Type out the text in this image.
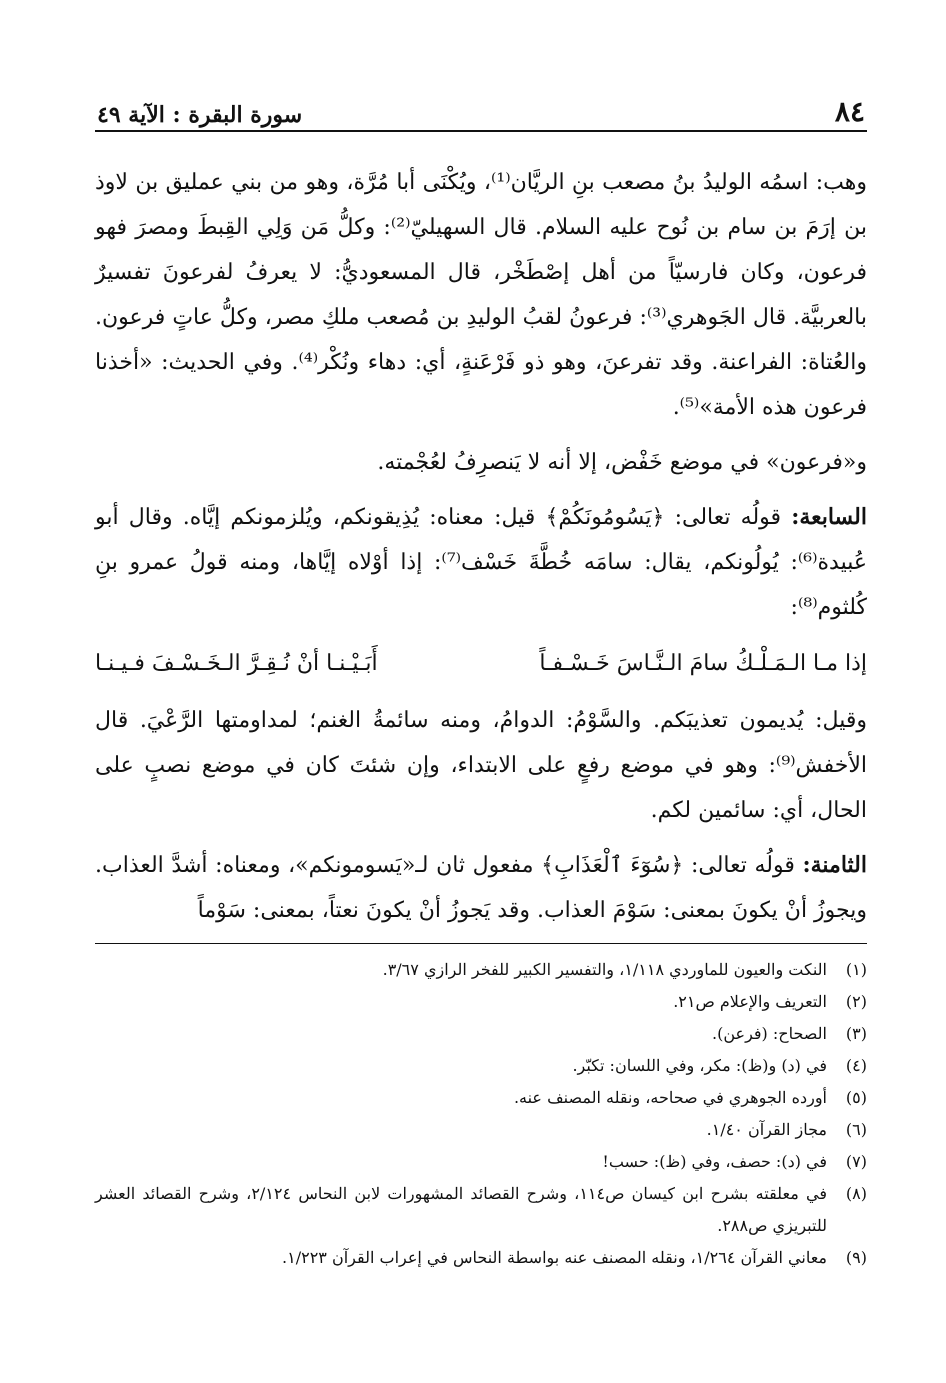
٨٤
سورة البقرة : الآية ٤٩

وهب: اسمُه الوليدُ بنُ مصعب بنِ الريَّان⁽¹⁾، ويُكْنَى أبا مُرَّة، وهو من بني عمليق بن لاوذ بن إرَمَ بن سام بن نُوح عليه السلام. قال السهيليّ⁽²⁾: وكلُّ مَن وَلِي القِبطَ ومصرَ فهو فرعون، وكان فارسيّاً من أهل إصْطَخْر، قال المسعوديُّ: لا يعرفُ لفرعونَ تفسيرٌ بالعربيَّة. قال الجَوهري⁽³⁾: فرعونُ لقبُ الوليدِ بن مُصعب ملكِ مصر، وكلُّ عاتٍ فرعون. والعُتاة: الفراعنة. وقد تفرعنَ، وهو ذو فَرْعَنةٍ، أي: دهاء ونُكْر⁽⁴⁾. وفي الحديث: «أخذنا فرعون هذه الأمة»⁽⁵⁾.

و«فرعون» في موضع خَفْض، إلا أنه لا يَنصرِفُ لعُجْمته.

السابعة: قولُه تعالى: ﴿يَسُومُونَكُمْ﴾ قيل: معناه: يُذِيقونكم، ويُلزمونكم إيَّاه. وقال أبو عُبيدة⁽⁶⁾: يُولُونكم، يقال: سامَه خُطَّةَ خَسْف⁽⁷⁾: إذا أوْلاه إيَّاها، ومنه قولُ عمرو بنِ كُلثوم⁽⁸⁾:

إذا مـا الـمَـلْـكُ سامَ الـنَّـاسَ خَـسْـفـاً
أَبَـيْـنـا أنْ نُـقِـرَّ الـخَـسْـفَ فـيـنـا

وقيل: يُديمون تعذيبَكم. والسَّوْمُ: الدوامُ، ومنه سائمةُ الغنم؛ لمداومتها الرَّعْيَ. قال الأخفش⁽⁹⁾: وهو في موضع رفعٍ على الابتداء، وإن شئتَ كان في موضع نصبٍ على الحال، أي: سائمين لكم.

الثامنة: قولُه تعالى: ﴿سُوٓءَ ٱلْعَذَابِ﴾ مفعول ثان لـ«يَسومونكم»، ومعناه: أشدَّ العذاب. ويجوزُ أنْ يكونَ بمعنى: سَوْمَ العذاب. وقد يَجوزُ أنْ يكونَ نعتاً، بمعنى: سَوْماً

(١)
النكت والعيون للماوردي ١/١١٨، والتفسير الكبير للفخر الرازي ٣/٦٧.
(٢)
التعريف والإعلام ص٢١.
(٣)
الصحاح: (فرعن).
(٤)
في (د) و(ظ): مكر، وفي اللسان: تكبّر.
(٥)
أورده الجوهري في صحاحه، ونقله المصنف عنه.
(٦)
مجاز القرآن ١/٤٠.
(٧)
في (د): حصف، وفي (ظ): حسب!
(٨)
في معلقته بشرح ابن كيسان ص١١٤، وشرح القصائد المشهورات لابن النحاس ٢/١٢٤، وشرح القصائد العشر للتبريزي ص٢٨٨.
(٩)
معاني القرآن ١/٢٦٤، ونقله المصنف عنه بواسطة النحاس في إعراب القرآن ١/٢٢٣.
